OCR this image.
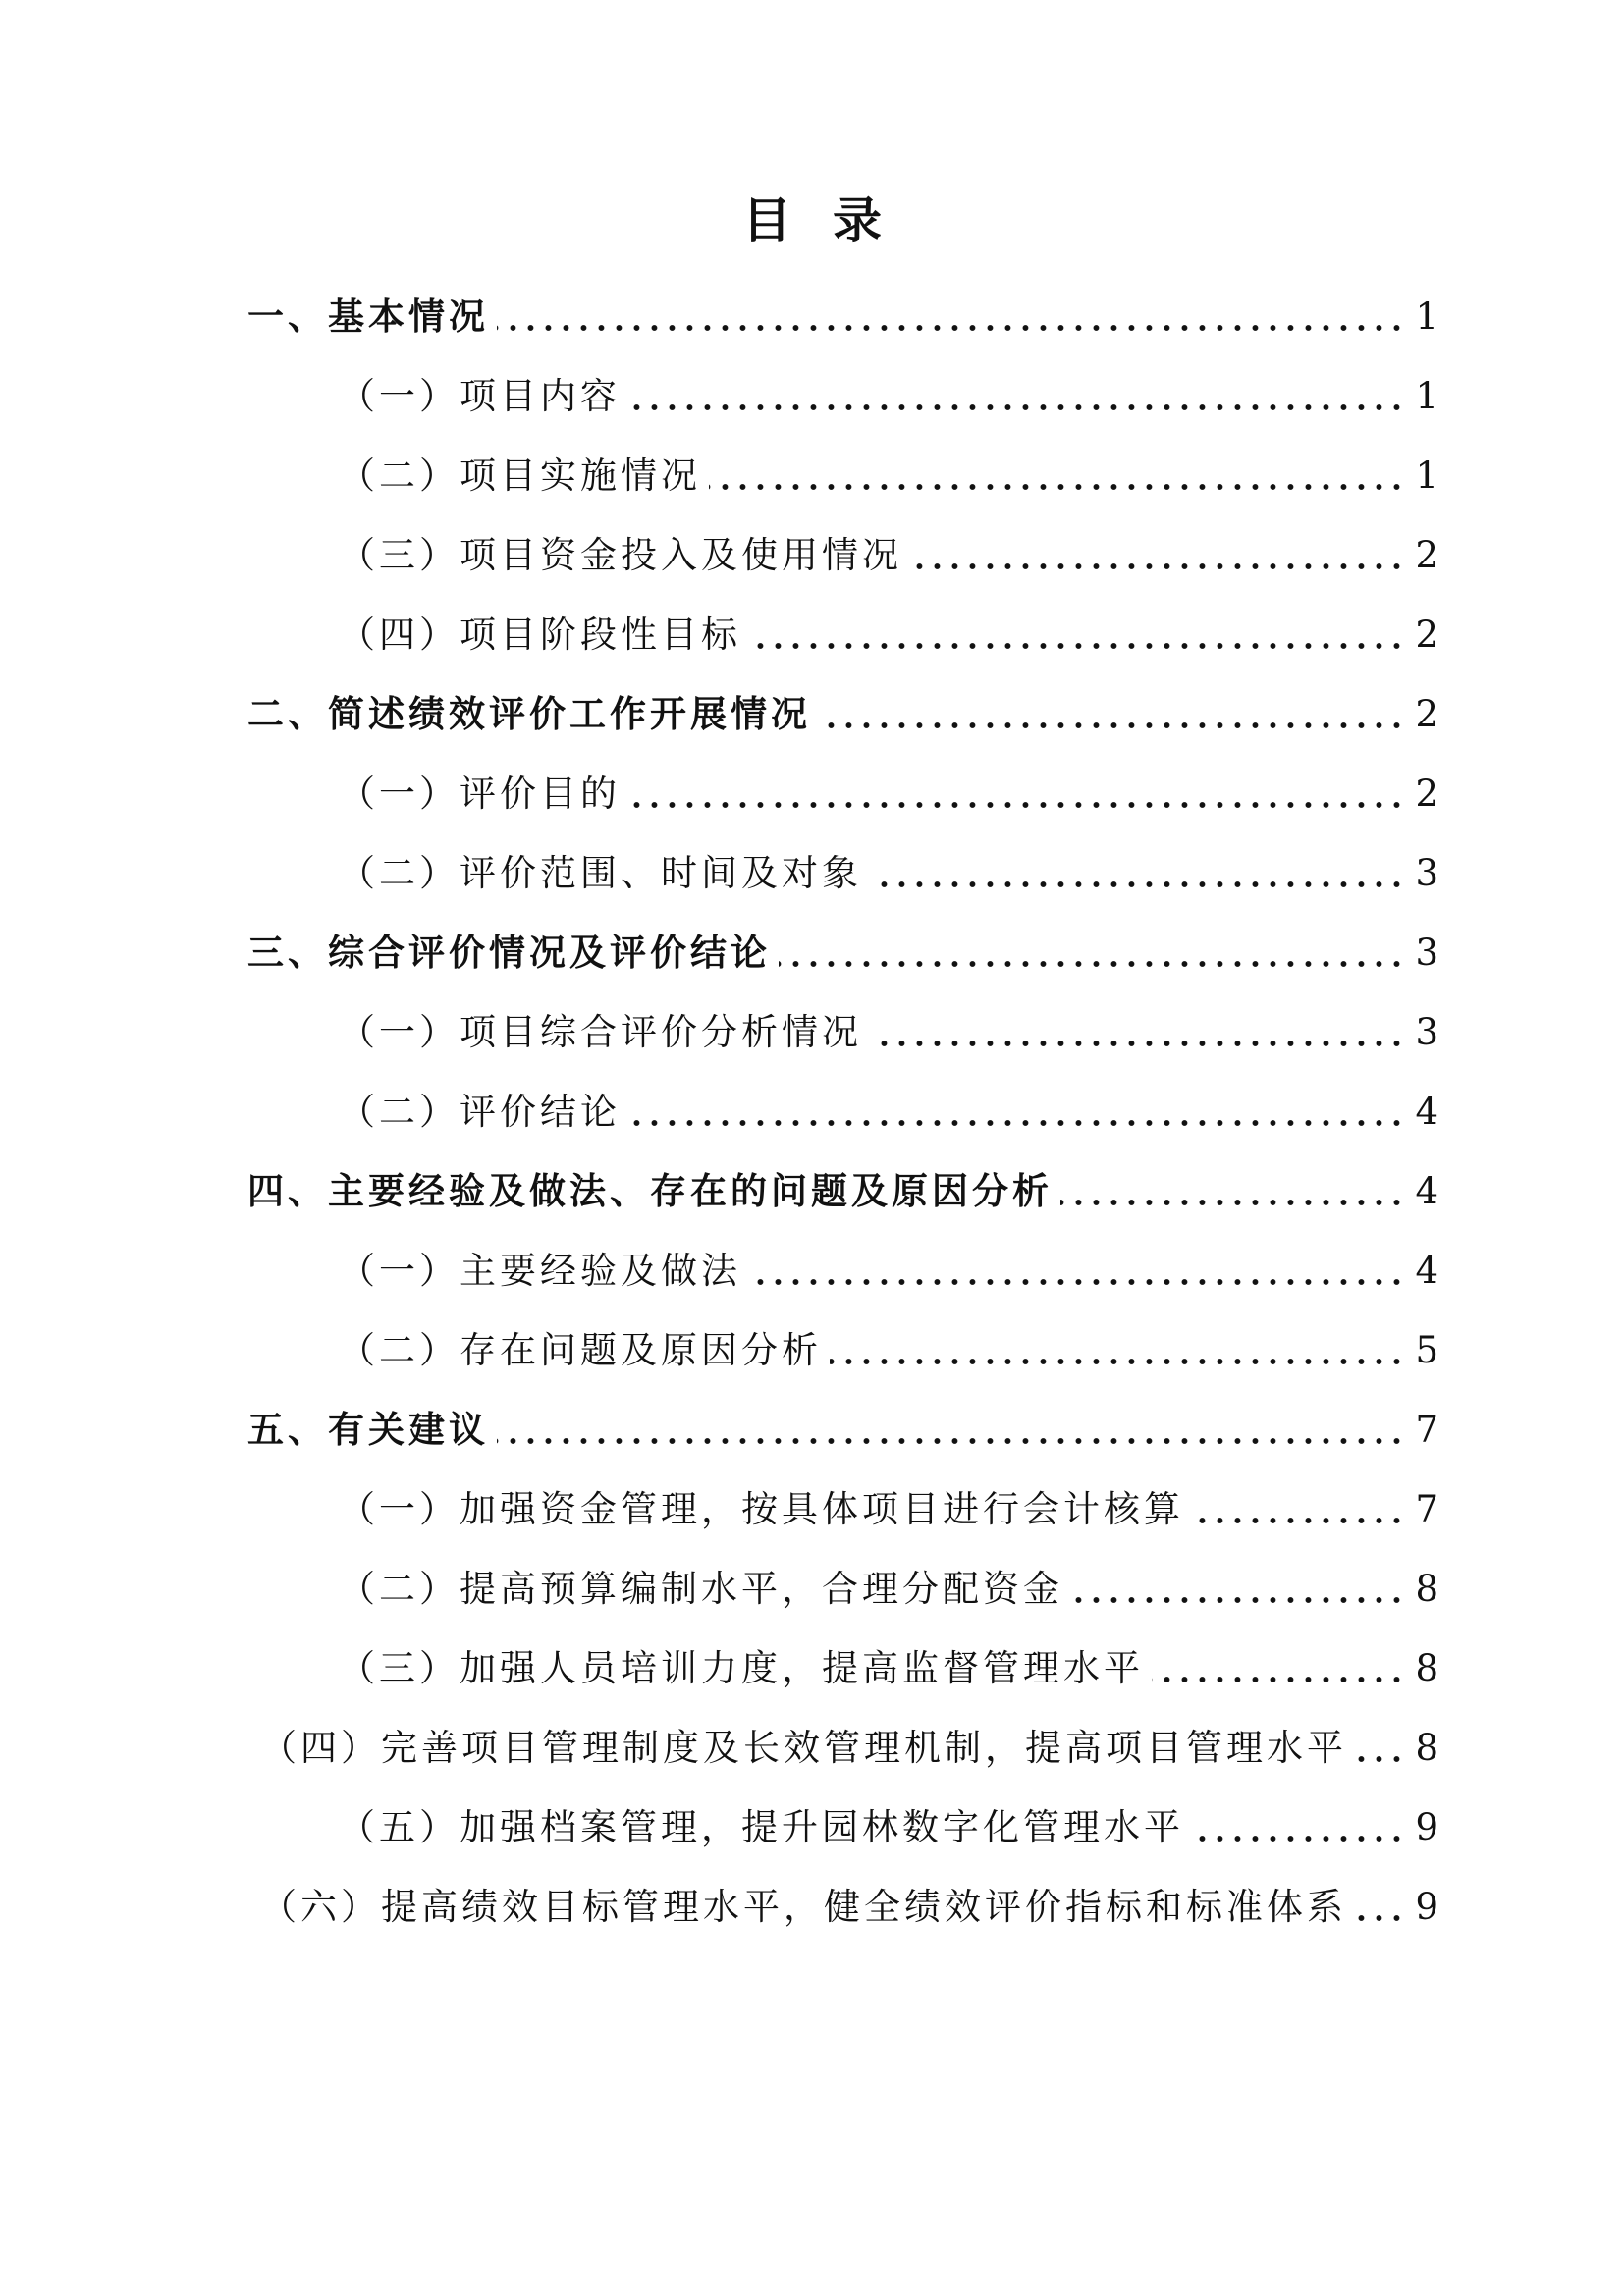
目录
一、基本情况	1
（一）项目内容	1
（二）项目实施情况	1
（三）项目资金投入及使用情况	2
（四）项目阶段性目标	2
二、简述绩效评价工作开展情况	2
（一）评价目的	2
（二）评价范围、时间及对象	3
三、综合评价情况及评价结论	3
（一）项目综合评价分析情况	3
（二）评价结论	4
四、主要经验及做法、存在的问题及原因分析	4
（一）主要经验及做法	4
（二）存在问题及原因分析	5
五、有关建议	7
（一）加强资金管理，按具体项目进行会计核算	7
（二）提高预算编制水平，合理分配资金	8
（三）加强人员培训力度，提高监督管理水平	8
（四）完善项目管理制度及长效管理机制，提高项目管理水平 8
（五）加强档案管理，提升园林数字化管理水平	9
（六）提高绩效目标管理水平，健全绩效评价指标和标准体系 9
